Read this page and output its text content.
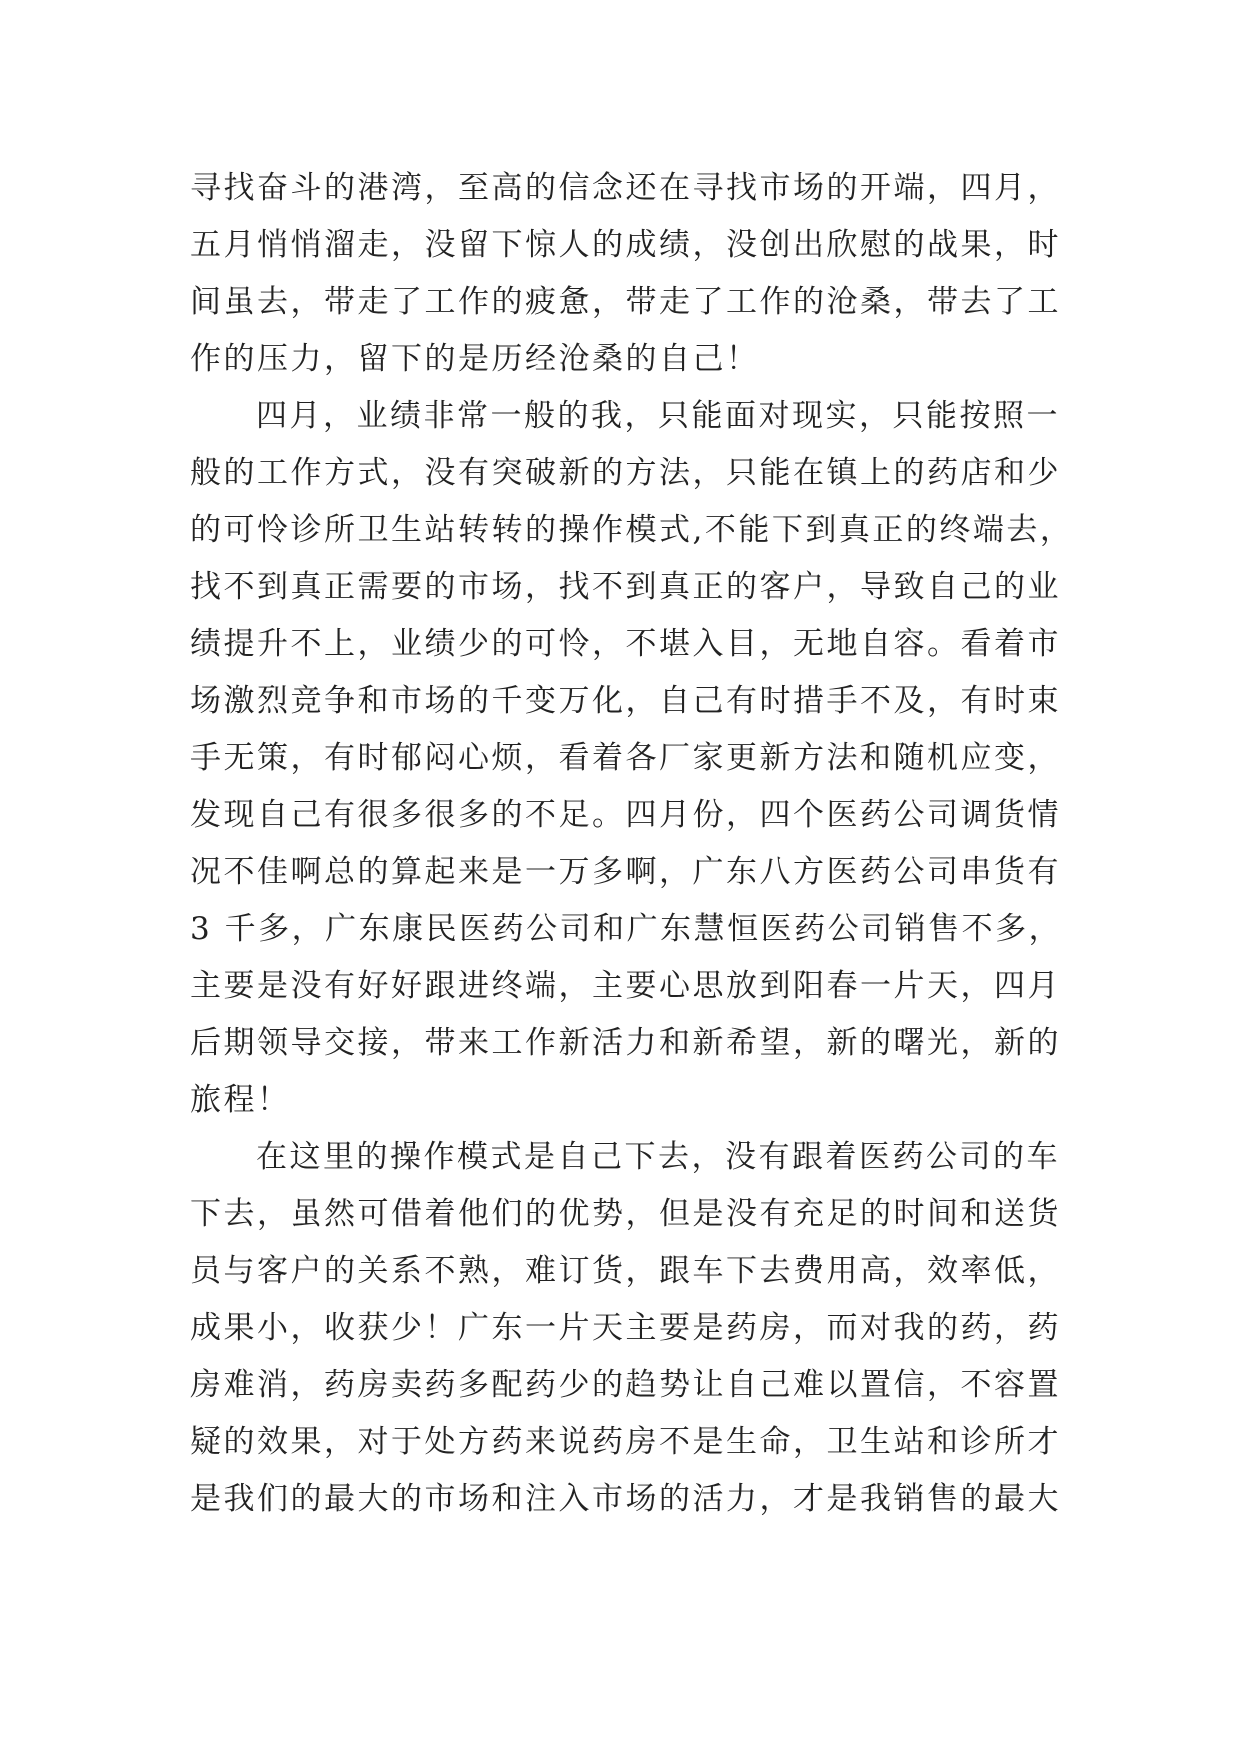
寻找奋斗的港湾，至高的信念还在寻找市场的开端，四月，
五月悄悄溜走，没留下惊人的成绩，没创出欣慰的战果，时
间虽去，带走了工作的疲惫，带走了工作的沧桑，带去了工
作的压力，留下的是历经沧桑的自己！
四月，业绩非常一般的我，只能面对现实，只能按照一
般的工作方式，没有突破新的方法，只能在镇上的药店和少
的可怜诊所卫生站转转的操作模式,不能下到真正的终端去，
找不到真正需要的市场，找不到真正的客户，导致自己的业
绩提升不上，业绩少的可怜，不堪入目，无地自容。看着市
场激烈竞争和市场的千变万化，自己有时措手不及，有时束
手无策，有时郁闷心烦，看着各厂家更新方法和随机应变，
发现自己有很多很多的不足。四月份，四个医药公司调货情
况不佳啊总的算起来是一万多啊，广东八方医药公司串货有
3 千多，广东康民医药公司和广东慧恒医药公司销售不多，
主要是没有好好跟进终端，主要心思放到阳春一片天，四月
后期领导交接，带来工作新活力和新希望，新的曙光，新的
旅程！
在这里的操作模式是自己下去，没有跟着医药公司的车
下去，虽然可借着他们的优势，但是没有充足的时间和送货
员与客户的关系不熟，难订货，跟车下去费用高，效率低，
成果小，收获少！广东一片天主要是药房，而对我的药，药
房难消，药房卖药多配药少的趋势让自己难以置信，不容置
疑的效果，对于处方药来说药房不是生命，卫生站和诊所才
是我们的最大的市场和注入市场的活力，才是我销售的最大
